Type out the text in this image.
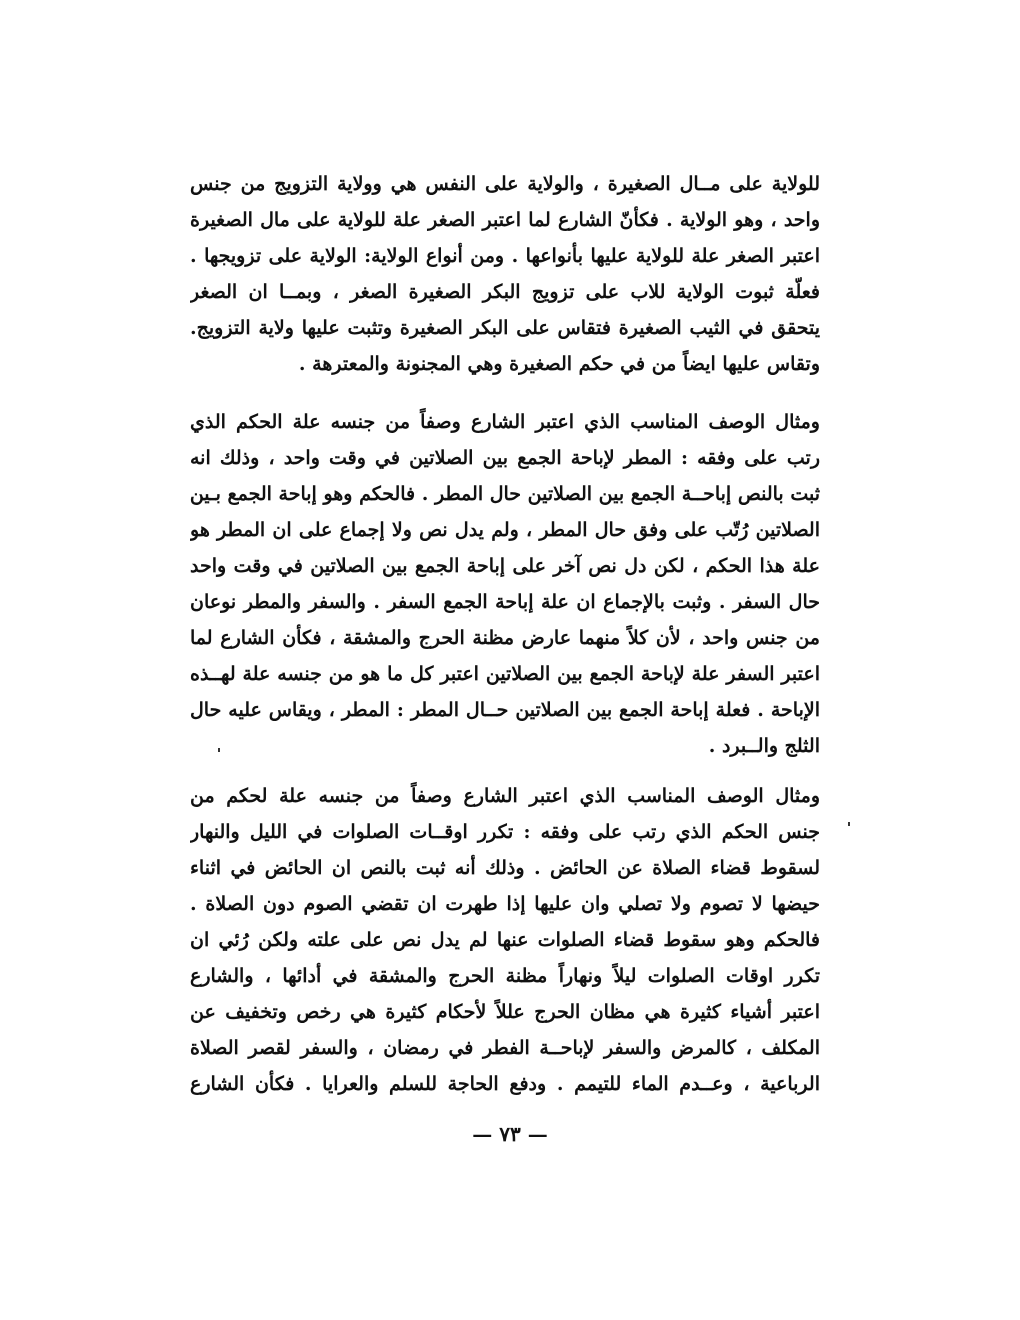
للولاية على مــال الصغيرة ، والولاية على النفس هي وولاية التزويج من جنس
واحد ، وهو الولاية . فكأنّ الشارع لما اعتبر الصغر علة للولاية على مال الصغيرة
اعتبر الصغر علة للولاية عليها بأنواعها . ومن أنواع الولاية: الولاية على تزويجها .
فعلّة ثبوت الولاية للاب على تزويج البكر الصغيرة الصغر ، وبمــا ان الصغر
يتحقق في الثيب الصغيرة فتقاس على البكر الصغيرة وتثبت عليها ولاية التزويج.
وتقاس عليها ايضاً من في حكم الصغيرة وهي المجنونة والمعترهة .
ومثال الوصف المناسب الذي اعتبر الشارع وصفاً من جنسه علة الحكم الذي
رتب على وفقه : المطر لإباحة الجمع بين الصلاتين في وقت واحد ، وذلك انه
ثبت بالنص إباحــة الجمع بين الصلاتين حال المطر . فالحكم وهو إباحة الجمع بـين
الصلاتين رُتّب على وفق حال المطر ، ولم يدل نص ولا إجماع على ان المطر هو
علة هذا الحكم ، لكن دل نص آخر على إباحة الجمع بين الصلاتين في وقت واحد
حال السفر . وثبت بالإجماع ان علة إباحة الجمع السفر . والسفر والمطر نوعان
من جنس واحد ، لأن كلاً منهما عارض مظنة الحرج والمشقة ، فكأن الشارع لما
اعتبر السفر علة لإباحة الجمع بين الصلاتين اعتبر كل ما هو من جنسه علة لهــذه
الإباحة . فعلة إباحة الجمع بين الصلاتين حــال المطر : المطر ، ويقاس عليه حال
الثلج والــبرد .
ومثال الوصف المناسب الذي اعتبر الشارع وصفاً من جنسه علة لحكم من
جنس الحكم الذي رتب على وفقه : تكرر اوقــات الصلوات في الليل والنهار
لسقوط قضاء الصلاة عن الحائض . وذلك أنه ثبت بالنص ان الحائض في اثناء
حيضها لا تصوم ولا تصلي وان عليها إذا طهرت ان تقضي الصوم دون الصلاة .
فالحكم وهو سقوط قضاء الصلوات عنها لم يدل نص على علته ولكن رُئي ان
تكرر اوقات الصلوات ليلاً ونهاراً مظنة الحرج والمشقة في أدائها ، والشارع
اعتبر أشياء كثيرة هي مظان الحرج عللاً لأحكام كثيرة هي رخص وتخفيف عن
المكلف ، كالمرض والسفر لإباحــة الفطر في رمضان ، والسفر لقصر الصلاة
الرباعية ، وعــدم الماء للتيمم . ودفع الحاجة للسلم والعرايا . فكأن الشارع
— ٧٣ —
